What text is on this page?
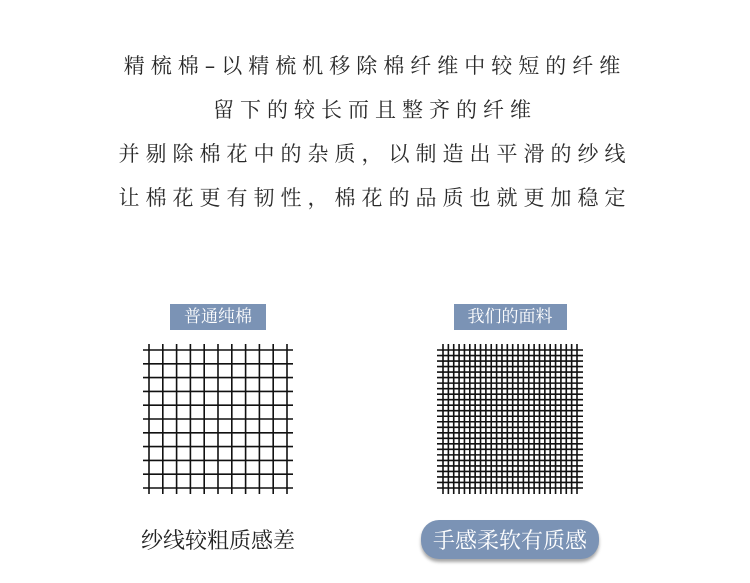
精梳棉–以精梳机移除棉纤维中较短的纤维
留下的较长而且整齐的纤维
并剔除棉花中的杂质，以制造出平滑的纱线
让棉花更有韧性，棉花的品质也就更加稳定
普通纯棉
纱线较粗质感差
我们的面料
手感柔软有质感
